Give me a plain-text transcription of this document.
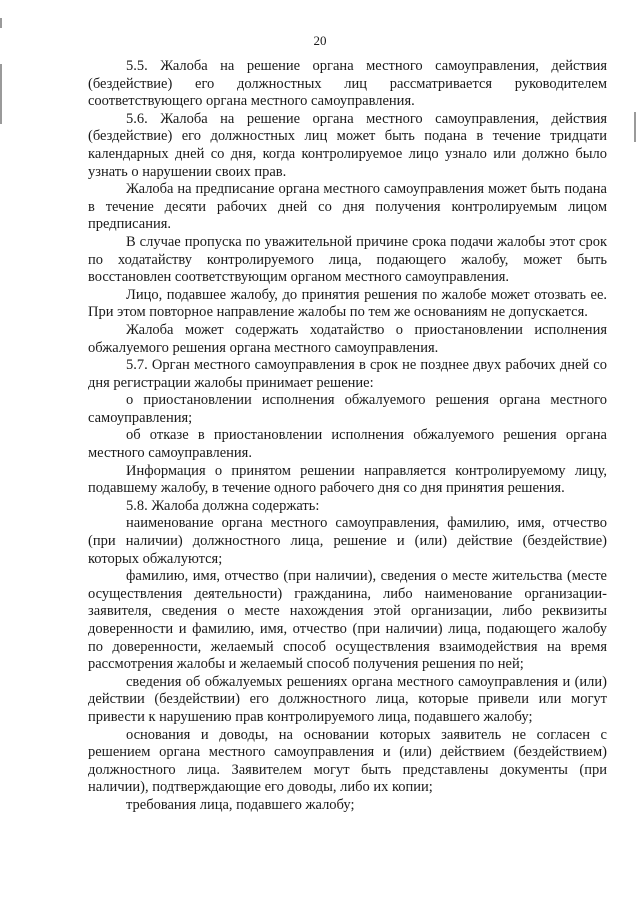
20

5.5. Жалоба на решение органа местного самоуправления, действия (бездействие) его должностных лиц рассматривается руководителем соответствующего органа местного самоуправления.

5.6. Жалоба на решение органа местного самоуправления, действия (бездействие) его должностных лиц может быть подана в течение тридцати календарных дней со дня, когда контролируемое лицо узнало или должно было узнать о нарушении своих прав.

Жалоба на предписание органа местного самоуправления может быть подана в течение десяти рабочих дней со дня получения контролируемым лицом предписания.

В случае пропуска по уважительной причине срока подачи жалобы этот срок по ходатайству контролируемого лица, подающего жалобу, может быть восстановлен соответствующим органом местного самоуправления.

Лицо, подавшее жалобу, до принятия решения по жалобе может отозвать ее. При этом повторное направление жалобы по тем же основаниям не допускается.

Жалоба может содержать ходатайство о приостановлении исполнения обжалуемого решения органа местного самоуправления.

5.7. Орган местного самоуправления в срок не позднее двух рабочих дней со дня регистрации жалобы принимает решение:

о приостановлении исполнения обжалуемого решения органа местного самоуправления;

об отказе в приостановлении исполнения обжалуемого решения органа местного самоуправления.

Информация о принятом решении направляется контролируемому лицу, подавшему жалобу, в течение одного рабочего дня со дня принятия решения.

5.8. Жалоба должна содержать:

наименование органа местного самоуправления, фамилию, имя, отчество (при наличии) должностного лица, решение и (или) действие (бездействие) которых обжалуются;

фамилию, имя, отчество (при наличии), сведения о месте жительства (месте осуществления деятельности) гражданина, либо наименование организации-заявителя, сведения о месте нахождения этой организации, либо реквизиты доверенности и фамилию, имя, отчество (при наличии) лица, подающего жалобу по доверенности, желаемый способ осуществления взаимодействия на время рассмотрения жалобы и желаемый способ получения решения по ней;

сведения об обжалуемых решениях органа местного самоуправления и (или) действии (бездействии) его должностного лица, которые привели или могут привести к нарушению прав контролируемого лица, подавшего жалобу;

основания и доводы, на основании которых заявитель не согласен с решением органа местного самоуправления и (или) действием (бездействием) должностного лица. Заявителем могут быть представлены документы (при наличии), подтверждающие его доводы, либо их копии;

требования лица, подавшего жалобу;
